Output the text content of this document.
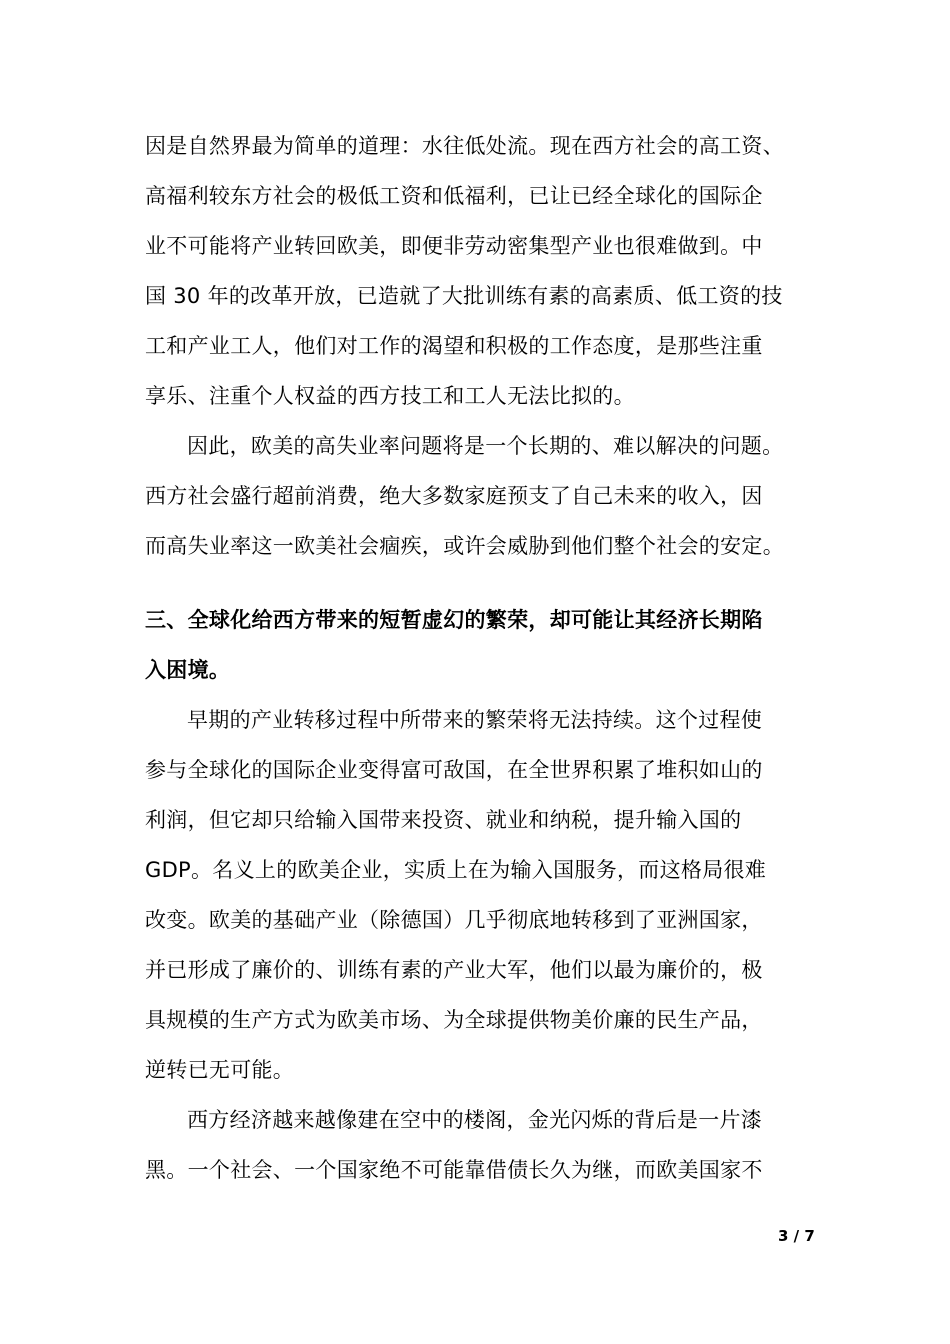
因是自然界最为简单的道理：水往低处流。现在西方社会的高工资、
高福利较东方社会的极低工资和低福利，已让已经全球化的国际企
业不可能将产业转回欧美，即便非劳动密集型产业也很难做到。中
国 30 年的改革开放，已造就了大批训练有素的高素质、低工资的技
工和产业工人，他们对工作的渴望和积极的工作态度，是那些注重
享乐、注重个人权益的西方技工和工人无法比拟的。
因此，欧美的高失业率问题将是一个长期的、难以解决的问题。
西方社会盛行超前消费，绝大多数家庭预支了自己未来的收入，因
而高失业率这一欧美社会痼疾，或许会威胁到他们整个社会的安定。
三、全球化给西方带来的短暂虚幻的繁荣，却可能让其经济长期陷
入困境。
早期的产业转移过程中所带来的繁荣将无法持续。这个过程使
参与全球化的国际企业变得富可敌国，在全世界积累了堆积如山的
利润，但它却只给输入国带来投资、就业和纳税，提升输入国的
GDP。名义上的欧美企业，实质上在为输入国服务，而这格局很难
改变。欧美的基础产业（除德国）几乎彻底地转移到了亚洲国家，
并已形成了廉价的、训练有素的产业大军，他们以最为廉价的，极
具规模的生产方式为欧美市场、为全球提供物美价廉的民生产品，
逆转已无可能。
西方经济越来越像建在空中的楼阁，金光闪烁的背后是一片漆
黑。一个社会、一个国家绝不可能靠借债长久为继，而欧美国家不
3 / 7
